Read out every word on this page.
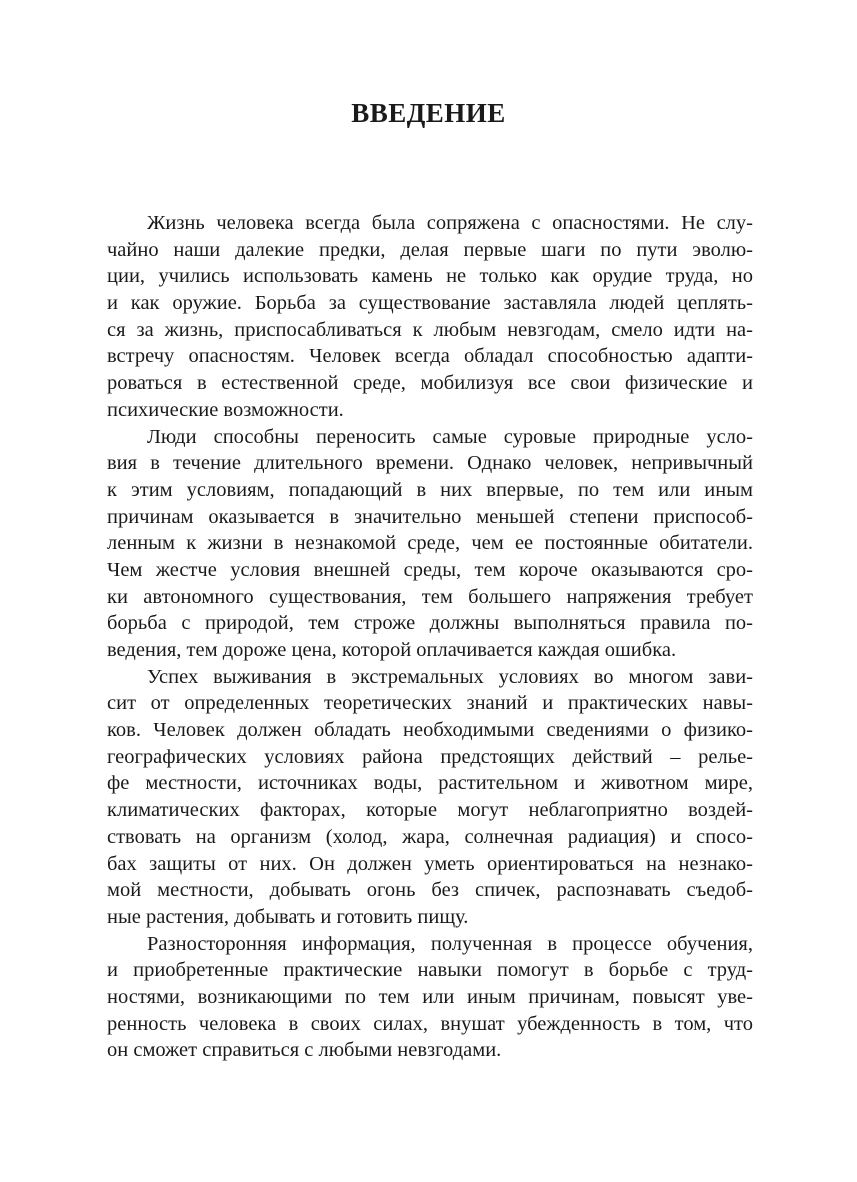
ВВЕДЕНИЕ

Жизнь человека всегда была сопряжена с опасностями. Не слу-
чайно наши далекие предки, делая первые шаги по пути эволю-
ции, учились использовать камень не только как орудие труда, но
и как оружие. Борьба за существование заставляла людей цеплять-
ся за жизнь, приспосабливаться к любым невзгодам, смело идти на-
встречу опасностям. Человек всегда обладал способностью адапти-
роваться в естественной среде, мобилизуя все свои физические и
психические возможности.

Люди способны переносить самые суровые природные усло-
вия в течение длительного времени. Однако человек, непривычный
к этим условиям, попадающий в них впервые, по тем или иным
причинам оказывается в значительно меньшей степени приспособ-
ленным к жизни в незнакомой среде, чем ее постоянные обитатели.
Чем жестче условия внешней среды, тем короче оказываются сро-
ки автономного существования, тем большего напряжения требует
борьба с природой, тем строже должны выполняться правила по-
ведения, тем дороже цена, которой оплачивается каждая ошибка.

Успех выживания в экстремальных условиях во многом зави-
сит от определенных теоретических знаний и практических навы-
ков. Человек должен обладать необходимыми сведениями о физико-
географических условиях района предстоящих действий – релье-
фе местности, источниках воды, растительном и животном мире,
климатических факторах, которые могут неблагоприятно воздей-
ствовать на организм (холод, жара, солнечная радиация) и спосо-
бах защиты от них. Он должен уметь ориентироваться на незнако-
мой местности, добывать огонь без спичек, распознавать съедоб-
ные растения, добывать и готовить пищу.

Разносторонняя информация, полученная в процессе обучения,
и приобретенные практические навыки помогут в борьбе с труд-
ностями, возникающими по тем или иным причинам, повысят уве-
ренность человека в своих силах, внушат убежденность в том, что
он сможет справиться с любыми невзгодами.
